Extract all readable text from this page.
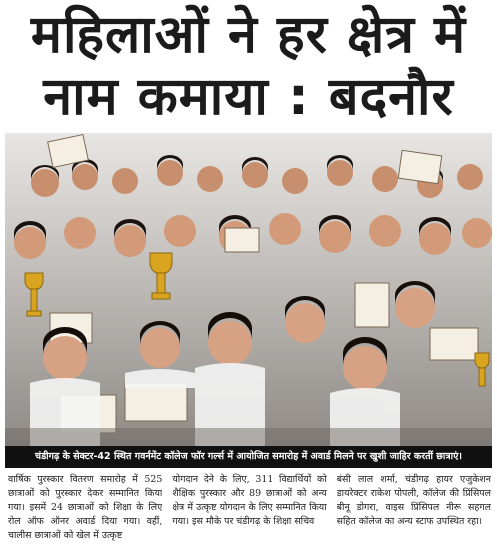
महिलाओं ने हर क्षेत्र में
नाम कमाया : बदनौर
चंडीगढ़ के सेक्टर-42 स्थित गवर्नमेंट कॉलेज फॉर गर्ल्स में आयोजित समारोह में अवार्ड मिलने पर खुशी जाहिर करतीं छात्राएं।

वार्षिक पुरस्कार वितरण समारोह में 525 छात्राओं को पुरस्कार देकर सम्मानित किया गया। इसमें 24 छात्राओं को शिक्षा के लिए रोल ऑफ ऑनर अवार्ड दिया गया। वहीं, चालीस छात्राओं को खेल में उत्कृष्ट

योगदान देने के लिए, 311 विद्यार्थियों को शैक्षिक पुरस्कार और 89 छात्राओं को अन्य क्षेत्र में उत्कृष्ट योगदान के लिए सम्मानित किया गया। इस मौके पर चंडीगढ़ के शिक्षा सचिव

बंसी लाल शर्मा, चंडीगढ़ हायर एजुकेशन डायरेक्टर राकेश पोपली, कॉलेज की प्रिंसिपल बीनू डोगरा, वाइस प्रिंसिपल नीरू सहगल सहित कॉलेज का अन्य स्टाफ उपस्थित रहा।
